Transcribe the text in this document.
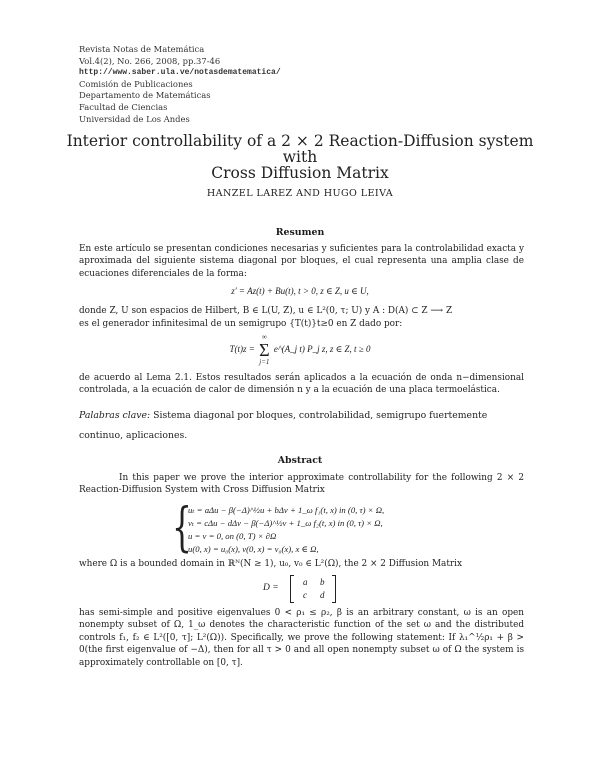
Revista Notas de Matemática
Vol.4(2), No. 266, 2008, pp.37-46
http://www.saber.ula.ve/notasdematematica/
Comisión de Publicaciones
Departamento de Matemáticas
Facultad de Ciencias
Universidad de Los Andes
Interior controllability of a 2 × 2 Reaction-Diffusion system with
Cross Diffusion Matrix
HANZEL LAREZ AND HUGO LEIVA
Resumen
En este artículo se presentan condiciones necesarias y suficientes para la controlabilidad exacta y aproximada del siguiente sistema diagonal por bloques, el cual representa una amplia clase de ecuaciones diferenciales de la forma:
z′ = Az(t) + Bu(t), t > 0, z ∈ Z, u ∈ U,
donde Z, U son espacios de Hilbert, B ∈ L(U, Z), u ∈ L²(0, τ; U) y A : D(A) ⊂ Z ⟶ Z
es el generador infinitesimal de un semigrupo {T(t)}t≥0 en Z dado por:
T(t)z =
∞
Σ
j=1
e^(A_j t) P_j z, z ∈ Z, t ≥ 0
de acuerdo al Lema 2.1. Estos resultados serán aplicados a la ecuación de onda n−dimensional controlada, a la ecuación de calor de dimensión n y a la ecuación de una placa termoelástica.
Palabras clave: Sistema diagonal por bloques, controlabilidad, semigrupo fuertemente continuo, aplicaciones.
Abstract
In this paper we prove the interior approximate controllability for the following 2 × 2 Reaction-Diffusion System with Cross Diffusion Matrix
{
uₜ = aΔu − β(−Δ)^½u + bΔv + 1_ω f₁(t, x) in (0, τ) × Ω,
vₜ = cΔu − dΔv − β(−Δ)^½v + 1_ω f₂(t, x) in (0, τ) × Ω,
u = v = 0, on (0, T) × ∂Ω
u(0, x) = u₀(x), v(0, x) = v₀(x), x ∈ Ω,
where Ω is a bounded domain in ℝᴺ(N ≥ 1), u₀, v₀ ∈ L²(Ω), the 2 × 2 Diffusion Matrix
D =
a b
c d
has semi-simple and positive eigenvalues 0 < ρ₁ ≤ ρ₂, β is an arbitrary constant, ω is an open nonempty subset of Ω, 1_ω denotes the characteristic function of the set ω and the distributed controls f₁, f₂ ∈ L²([0, τ]; L²(Ω)). Specifically, we prove the following statement: If λ₁^½ρ₁ + β > 0(the first eigenvalue of −Δ), then for all τ > 0 and all open nonempty subset ω of Ω the system is approximately controllable on [0, τ].
